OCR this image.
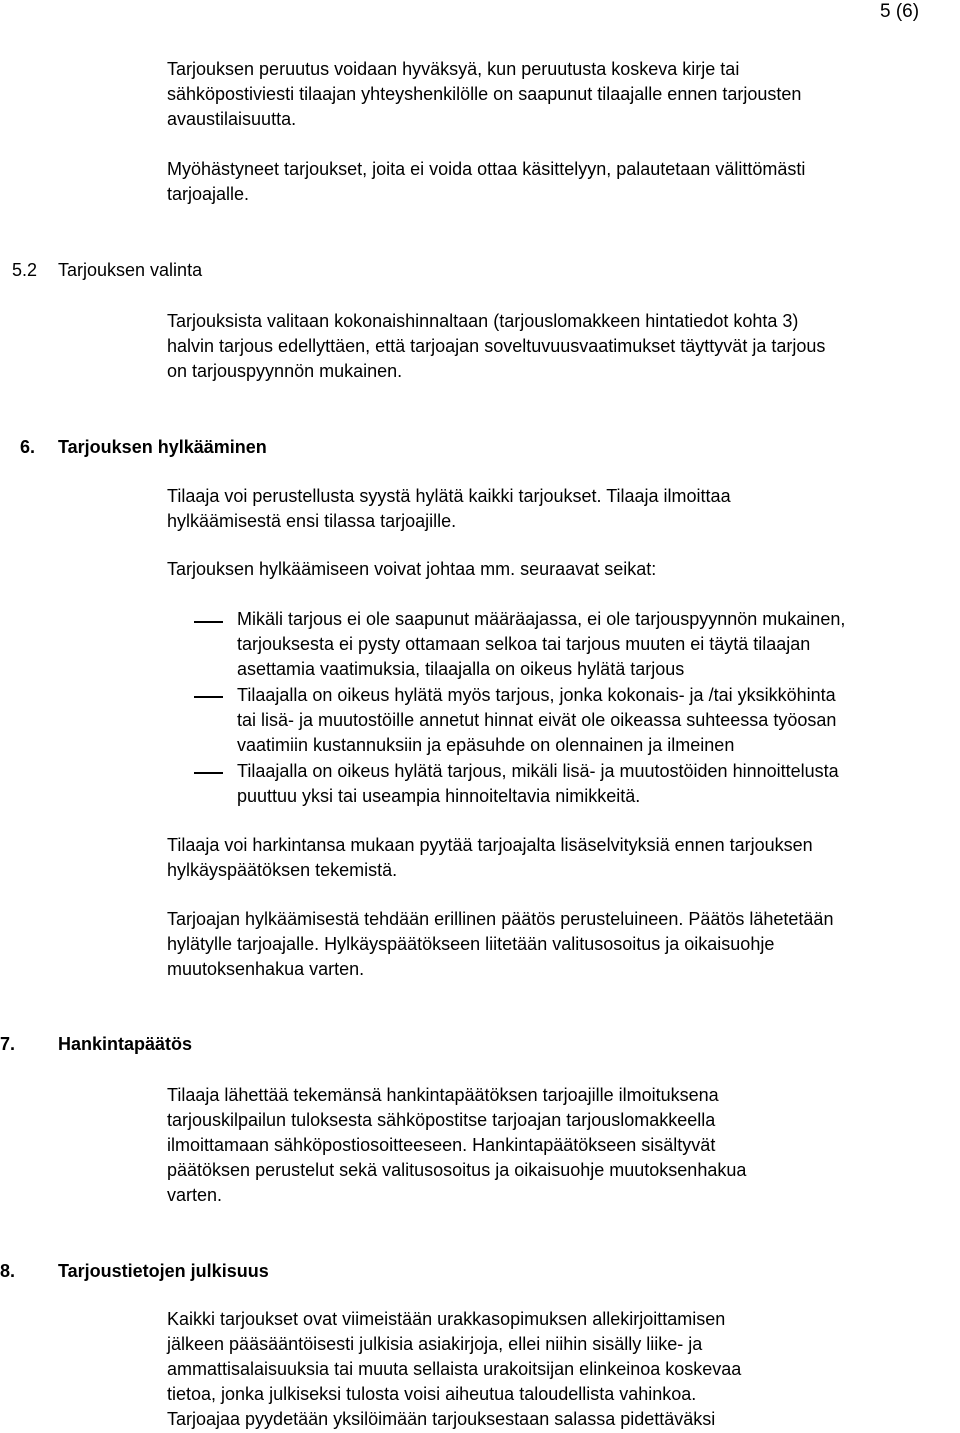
5 (6)
Tarjouksen peruutus voidaan hyväksyä, kun peruutusta koskeva kirje tai
sähköpostiviesti tilaajan yhteyshenkilölle on saapunut tilaajalle ennen tarjousten
avaustilaisuutta.
Myöhästyneet tarjoukset, joita ei voida ottaa käsittelyyn, palautetaan välittömästi
tarjoajalle.
5.2 Tarjouksen valinta
Tarjouksista valitaan kokonaishinnaltaan (tarjouslomakkeen hintatiedot kohta 3)
halvin tarjous edellyttäen, että tarjoajan soveltuvuusvaatimukset täyttyvät ja tarjous
on tarjouspyynnön mukainen.
6. Tarjouksen hylkääminen
Tilaaja voi perustellusta syystä hylätä kaikki tarjoukset. Tilaaja ilmoittaa
hylkäämisestä ensi tilassa tarjoajille.
Tarjouksen hylkäämiseen voivat johtaa mm. seuraavat seikat:
Mikäli tarjous ei ole saapunut määräajassa, ei ole tarjouspyynnön mukainen,
tarjouksesta ei pysty ottamaan selkoa tai tarjous muuten ei täytä tilaajan
asettamia vaatimuksia, tilaajalla on oikeus hylätä tarjous
Tilaajalla on oikeus hylätä myös tarjous, jonka kokonais- ja /tai yksikköhinta
tai lisä- ja muutostöille annetut hinnat eivät ole oikeassa suhteessa työosan
vaatimiin kustannuksiin ja epäsuhde on olennainen ja ilmeinen
Tilaajalla on oikeus hylätä tarjous, mikäli lisä- ja muutostöiden hinnoittelusta
puuttuu yksi tai useampia hinnoiteltavia nimikkeitä.
Tilaaja voi harkintansa mukaan pyytää tarjoajalta lisäselvityksiä ennen tarjouksen
hylkäyspäätöksen tekemistä.
Tarjoajan hylkäämisestä tehdään erillinen päätös perusteluineen. Päätös lähetetään
hylätylle tarjoajalle. Hylkäyspäätökseen liitetään valitusosoitus ja oikaisuohje
muutoksenhakua varten.
7. Hankintapäätös
Tilaaja lähettää tekemänsä hankintapäätöksen tarjoajille ilmoituksena
tarjouskilpailun tuloksesta sähköpostitse tarjoajan tarjouslomakkeella
ilmoittamaan sähköpostiosoitteeseen. Hankintapäätökseen sisältyvät
päätöksen perustelut sekä valitusosoitus ja oikaisuohje muutoksenhakua
varten.
8. Tarjoustietojen julkisuus
Kaikki tarjoukset ovat viimeistään urakkasopimuksen allekirjoittamisen
jälkeen pääsääntöisesti julkisia asiakirjoja, ellei niihin sisälly liike- ja
ammattisalaisuuksia tai muuta sellaista urakoitsijan elinkeinoa koskevaa
tietoa, jonka julkiseksi tulosta voisi aiheutua taloudellista vahinkoa.
Tarjoajaa pyydetään yksilöimään tarjouksestaan salassa pidettäväksi
